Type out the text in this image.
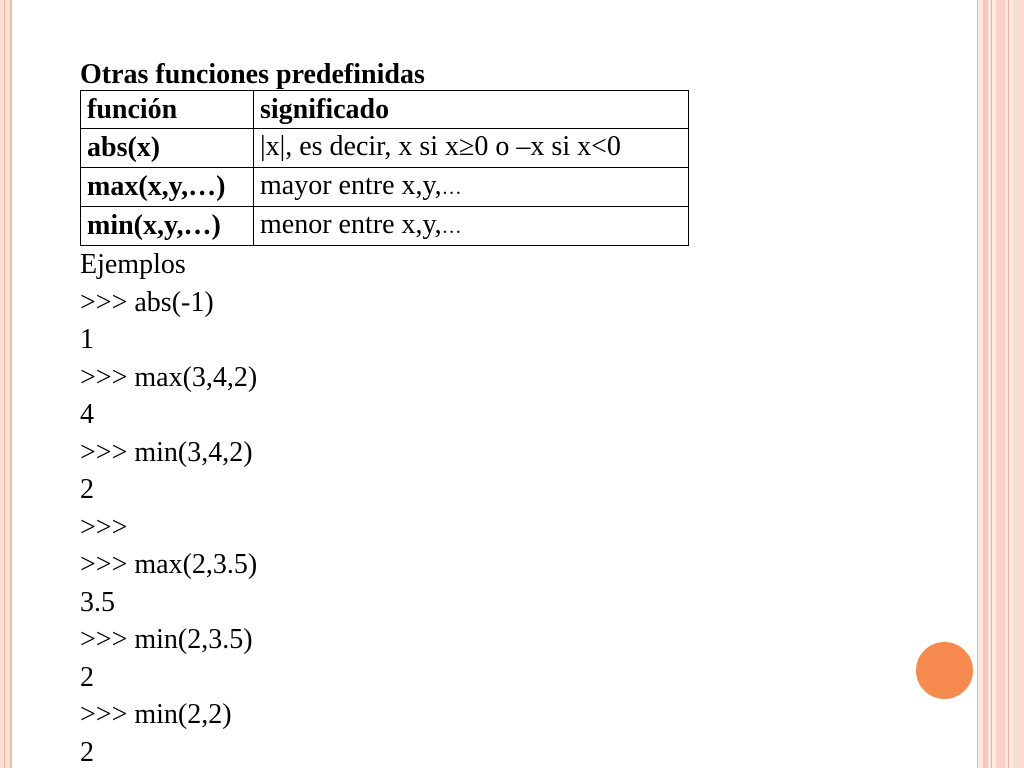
Otras funciones predefinidas
función	significado
abs(x)	|x|, es decir, x si x≥0 o –x si x<0
max(x,y,…)	mayor entre x,y,…
min(x,y,…)	menor entre x,y,…
Ejemplos
>>> abs(-1)
1
>>> max(3,4,2)
4
>>> min(3,4,2)
2
>>>
>>> max(2,3.5)
3.5
>>> min(2,3.5)
2
>>> min(2,2)
2
